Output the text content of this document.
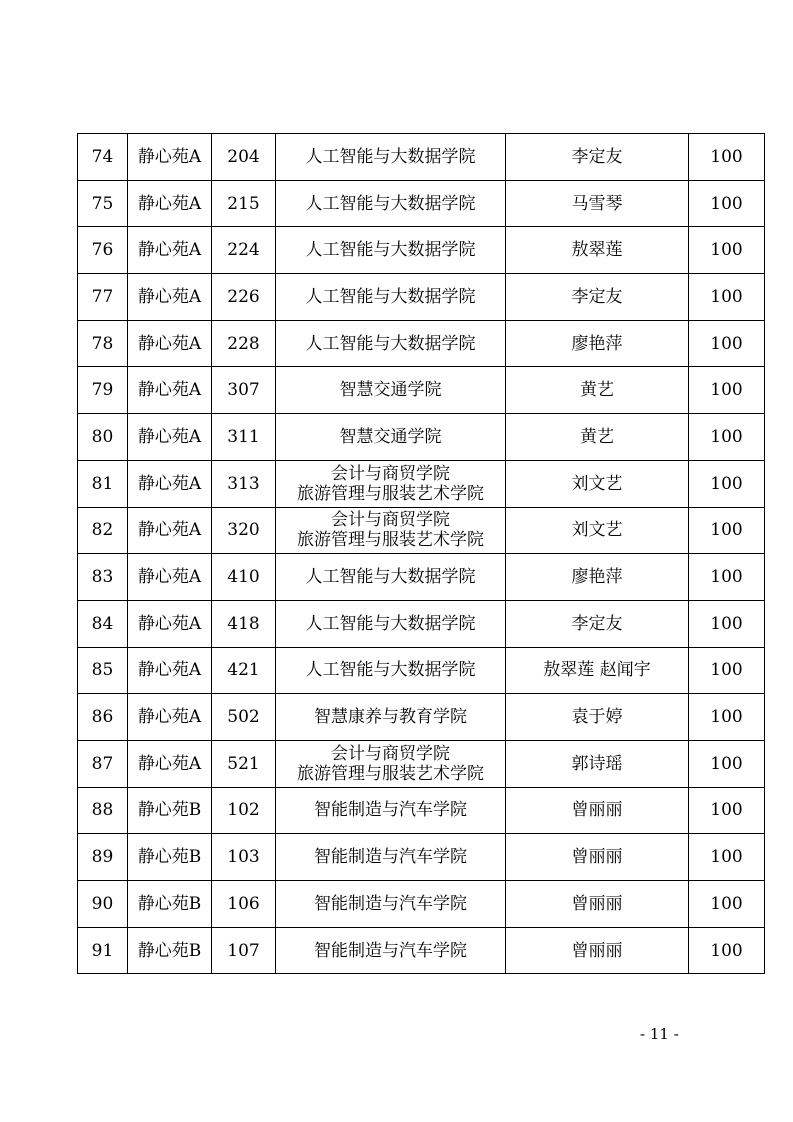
74	静心苑A	204	人工智能与大数据学院	李定友	100
75	静心苑A	215	人工智能与大数据学院	马雪琴	100
76	静心苑A	224	人工智能与大数据学院	敖翠莲	100
77	静心苑A	226	人工智能与大数据学院	李定友	100
78	静心苑A	228	人工智能与大数据学院	廖艳萍	100
79	静心苑A	307	智慧交通学院	黄艺	100
80	静心苑A	311	智慧交通学院	黄艺	100
81	静心苑A	313	会计与商贸学院
旅游管理与服装艺术学院	刘文艺	100
82	静心苑A	320	会计与商贸学院
旅游管理与服装艺术学院	刘文艺	100
83	静心苑A	410	人工智能与大数据学院	廖艳萍	100
84	静心苑A	418	人工智能与大数据学院	李定友	100
85	静心苑A	421	人工智能与大数据学院	敖翠莲 赵闻宇	100
86	静心苑A	502	智慧康养与教育学院	袁于婷	100
87	静心苑A	521	会计与商贸学院
旅游管理与服装艺术学院	郭诗瑶	100
88	静心苑B	102	智能制造与汽车学院	曾丽丽	100
89	静心苑B	103	智能制造与汽车学院	曾丽丽	100
90	静心苑B	106	智能制造与汽车学院	曾丽丽	100
91	静心苑B	107	智能制造与汽车学院	曾丽丽	100
- 11 -
